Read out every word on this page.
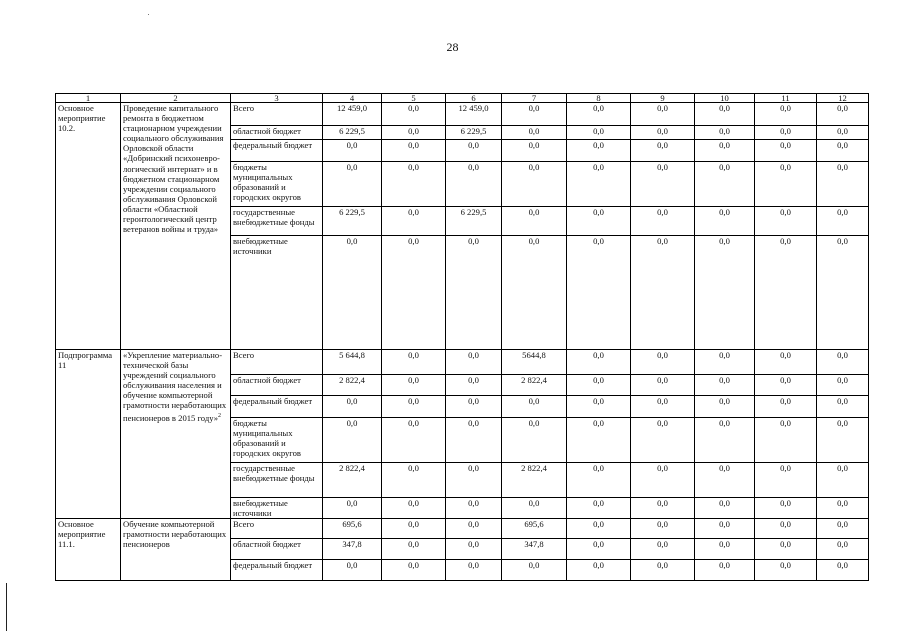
28
1	2	3	4	5	6	7	8	9	10	11	12
Основное мероприятие 10.2.	Проведение капитального ремонта в бюджетном стационарном учреждении социального обслуживания Орловской области «Добринский психоневро-логический интернат» и в бюджетном стационарном учреждении социального обслуживания Орловской области «Областной геронтологический центр ветеранов войны и труда»	Всего	12 459,0	0,0	12 459,0	0,0	0,0	0,0	0,0	0,0	0,0
		областной бюджет	6 229,5	0,0	6 229,5	0,0	0,0	0,0	0,0	0,0	0,0
		федеральный бюджет	0,0	0,0	0,0	0,0	0,0	0,0	0,0	0,0	0,0
		бюджеты муниципальных образований и городских округов	0,0	0,0	0,0	0,0	0,0	0,0	0,0	0,0	0,0
		государственные внебюджетные фонды	6 229,5	0,0	6 229,5	0,0	0,0	0,0	0,0	0,0	0,0
		внебюджетные источники	0,0	0,0	0,0	0,0	0,0	0,0	0,0	0,0	0,0
Подпрограмма 11	«Укрепление материально-технической базы учреждений социального обслуживания населения и обучение компьютерной грамотности неработающих пенсионеров в 2015 году»$^2$	Всего	5 644,8	0,0	0,0	5644,8	0,0	0,0	0,0	0,0	0,0
		областной бюджет	2 822,4	0,0	0,0	2 822,4	0,0	0,0	0,0	0,0	0,0
		федеральный бюджет	0,0	0,0	0,0	0,0	0,0	0,0	0,0	0,0	0,0
		бюджеты муниципальных образований и городских округов	0,0	0,0	0,0	0,0	0,0	0,0	0,0	0,0	0,0
		государственные внебюджетные фонды	2 822,4	0,0	0,0	2 822,4	0,0	0,0	0,0	0,0	0,0
		внебюджетные источники	0,0	0,0	0,0	0,0	0,0	0,0	0,0	0,0	0,0
Основное мероприятие 11.1.	Обучение компьютерной грамотности неработающих пенсионеров	Всего	695,6	0,0	0,0	695,6	0,0	0,0	0,0	0,0	0,0
		областной бюджет	347,8	0,0	0,0	347,8	0,0	0,0	0,0	0,0	0,0
		федеральный бюджет	0,0	0,0	0,0	0,0	0,0	0,0	0,0	0,0	0,0
